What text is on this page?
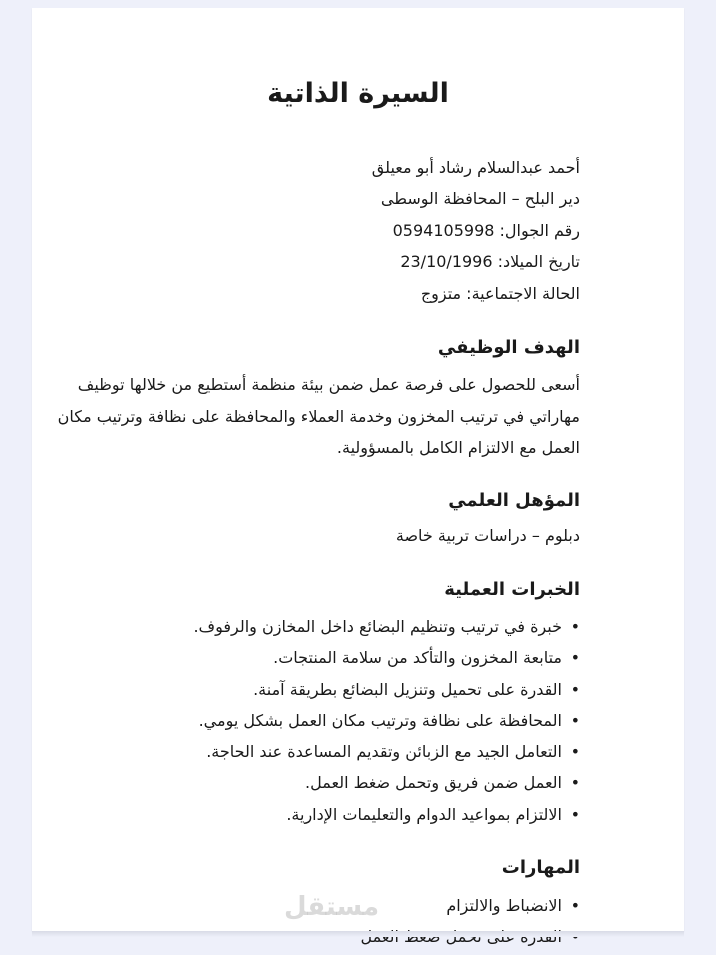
السيرة الذاتية
أحمد عبدالسلام رشاد أبو معيلق
دير البلح – المحافظة الوسطى
رقم الجوال: 0594105998
تاريخ الميلاد: 23/10/1996
الحالة الاجتماعية: متزوج
الهدف الوظيفي
أسعى للحصول على فرصة عمل ضمن بيئة منظمة أستطيع من خلالها توظيف مهاراتي في ترتيب المخزون وخدمة العملاء والمحافظة على نظافة وترتيب مكان العمل مع الالتزام الكامل بالمسؤولية.
المؤهل العلمي
دبلوم – دراسات تربية خاصة
الخبرات العملية
• خبرة في ترتيب وتنظيم البضائع داخل المخازن والرفوف.
• متابعة المخزون والتأكد من سلامة المنتجات.
• القدرة على تحميل وتنزيل البضائع بطريقة آمنة.
• المحافظة على نظافة وترتيب مكان العمل بشكل يومي.
• التعامل الجيد مع الزبائن وتقديم المساعدة عند الحاجة.
• العمل ضمن فريق وتحمل ضغط العمل.
• الالتزام بمواعيد الدوام والتعليمات الإدارية.
المهارات
• الانضباط والالتزام
•
مستقل
